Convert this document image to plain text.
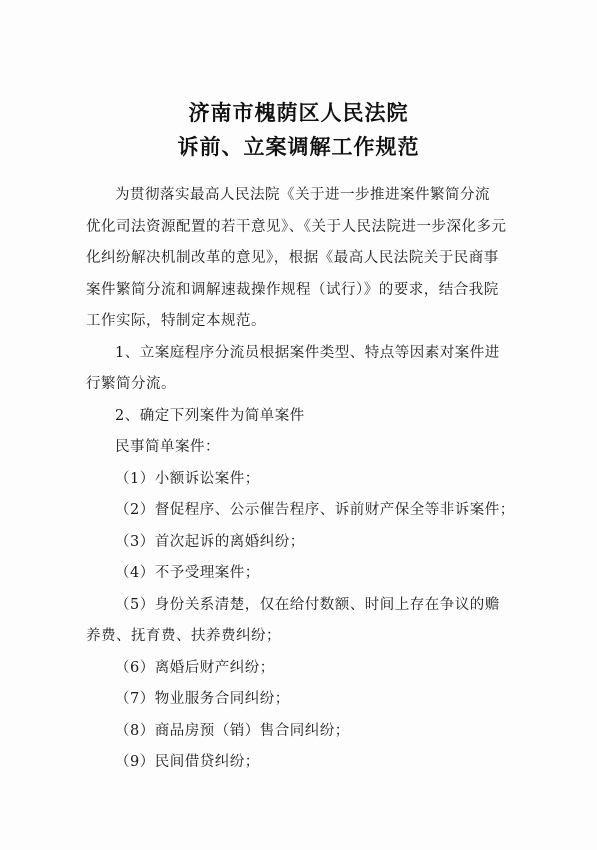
济南市槐荫区人民法院
诉前、立案调解工作规范

为贯彻落实最高人民法院《关于进一步推进案件繁简分流

优化司法资源配置的若干意见》、《关于人民法院进一步深化多元

化纠纷解决机制改革的意见》，根据《最高人民法院关于民商事

案件繁简分流和调解速裁操作规程（试行）》的要求，结合我院

工作实际，特制定本规范。

1、立案庭程序分流员根据案件类型、特点等因素对案件进

行繁简分流。

2、确定下列案件为简单案件

民事简单案件：

（1）小额诉讼案件；

（2）督促程序、公示催告程序、诉前财产保全等非诉案件；

（3）首次起诉的离婚纠纷；

（4）不予受理案件；

（5）身份关系清楚，仅在给付数额、时间上存在争议的赡

养费、抚育费、扶养费纠纷；

（6）离婚后财产纠纷；

（7）物业服务合同纠纷；

（8）商品房预（销）售合同纠纷；

（9）民间借贷纠纷；
